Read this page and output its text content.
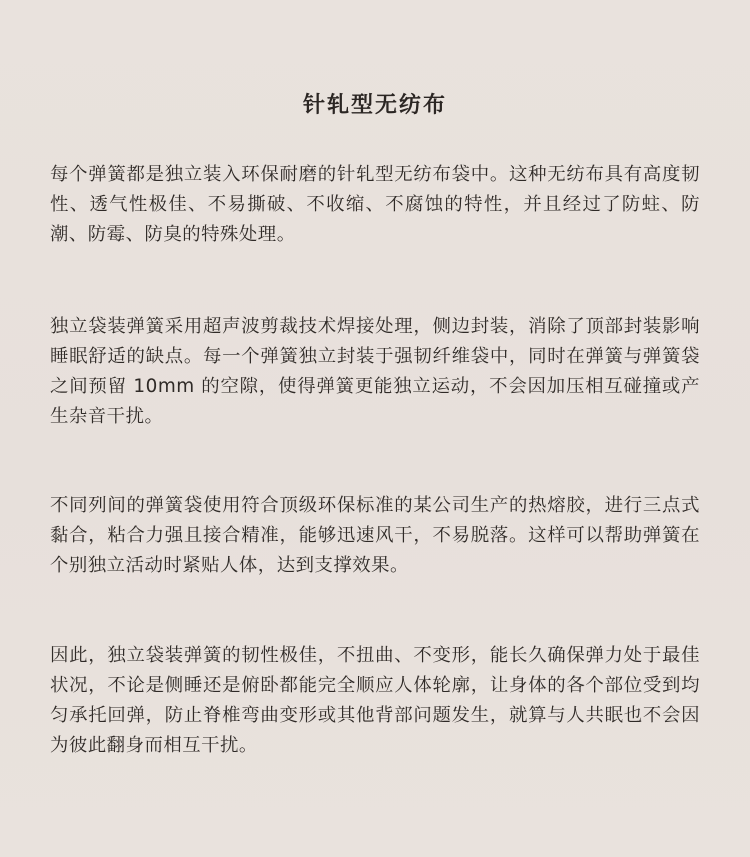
针轧型无纺布

每个弹簧都是独立装入环保耐磨的针轧型无纺布袋中。这种无纺布具有高度韧性、透气性极佳、不易撕破、不收缩、不腐蚀的特性，并且经过了防蛀、防潮、防霉、防臭的特殊处理。

独立袋装弹簧采用超声波剪裁技术焊接处理，侧边封装，消除了顶部封装影响睡眠舒适的缺点。每一个弹簧独立封装于强韧纤维袋中，同时在弹簧与弹簧袋之间预留 10mm 的空隙，使得弹簧更能独立运动，不会因加压相互碰撞或产生杂音干扰。

不同列间的弹簧袋使用符合顶级环保标准的某公司生产的热熔胶，进行三点式黏合，粘合力强且接合精准，能够迅速风干，不易脱落。这样可以帮助弹簧在个别独立活动时紧贴人体，达到支撑效果。

因此，独立袋装弹簧的韧性极佳，不扭曲、不变形，能长久确保弹力处于最佳状况，不论是侧睡还是俯卧都能完全顺应人体轮廓，让身体的各个部位受到均匀承托回弹，防止脊椎弯曲变形或其他背部问题发生，就算与人共眠也不会因为彼此翻身而相互干扰。
